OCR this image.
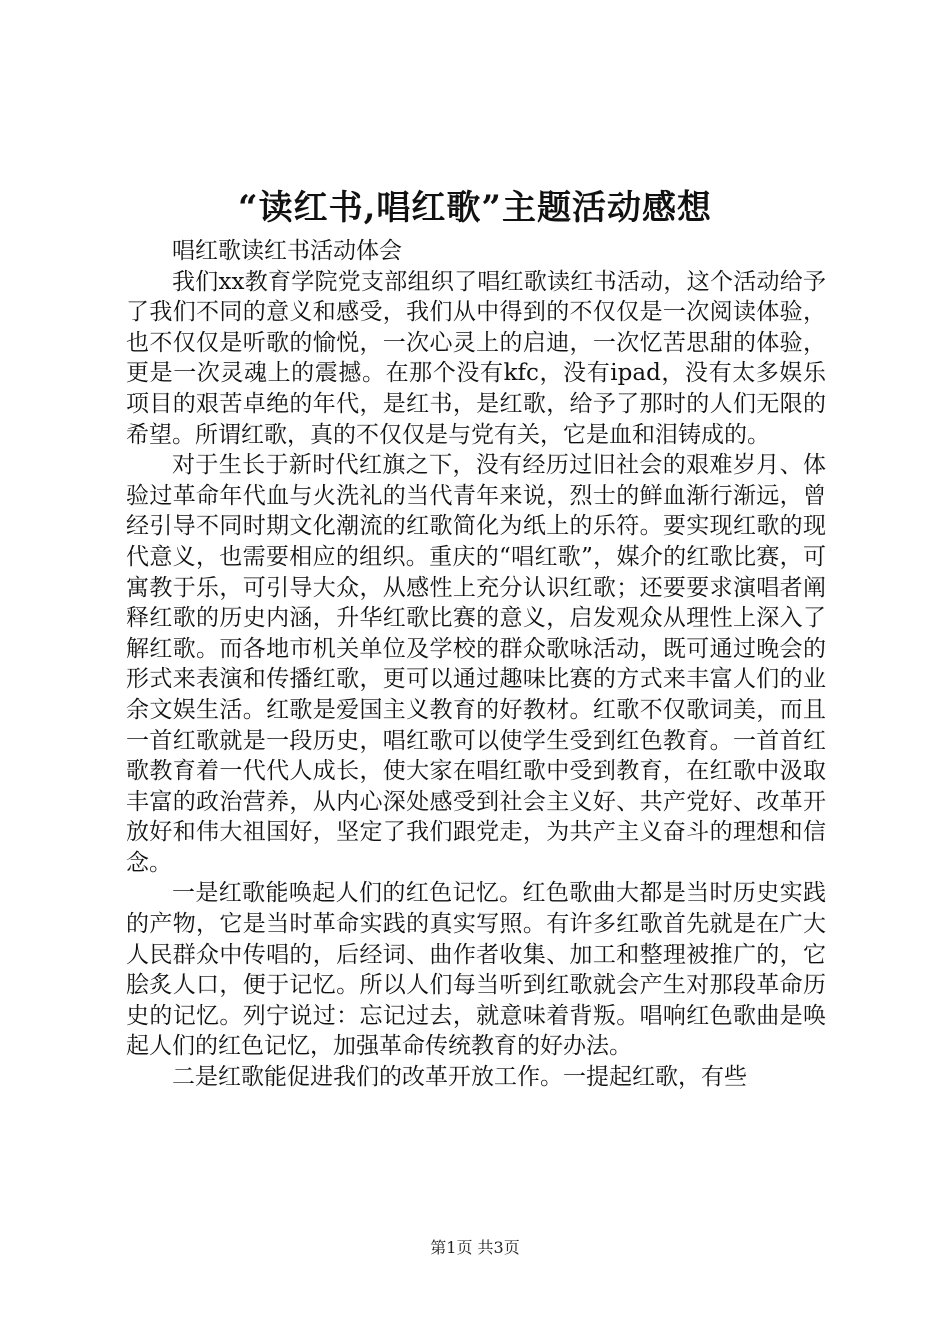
“读红书,唱红歌”主题活动感想

唱红歌读红书活动体会

我们xx教育学院党支部组织了唱红歌读红书活动，这个活动给予了我们不同的意义和感受，我们从中得到的不仅仅是一次阅读体验，也不仅仅是听歌的愉悦，一次心灵上的启迪，一次忆苦思甜的体验，更是一次灵魂上的震撼。在那个没有kfc，没有ipad，没有太多娱乐项目的艰苦卓绝的年代，是红书，是红歌，给予了那时的人们无限的希望。所谓红歌，真的不仅仅是与党有关，它是血和泪铸成的。

对于生长于新时代红旗之下，没有经历过旧社会的艰难岁月、体验过革命年代血与火洗礼的当代青年来说，烈士的鲜血渐行渐远，曾经引导不同时期文化潮流的红歌简化为纸上的乐符。要实现红歌的现代意义，也需要相应的组织。重庆的“唱红歌”，媒介的红歌比赛，可寓教于乐，可引导大众，从感性上充分认识红歌；还要要求演唱者阐释红歌的历史内涵，升华红歌比赛的意义，启发观众从理性上深入了解红歌。而各地市机关单位及学校的群众歌咏活动，既可通过晚会的形式来表演和传播红歌，更可以通过趣味比赛的方式来丰富人们的业余文娱生活。红歌是爱国主义教育的好教材。红歌不仅歌词美，而且一首红歌就是一段历史，唱红歌可以使学生受到红色教育。一首首红歌教育着一代代人成长，使大家在唱红歌中受到教育，在红歌中汲取丰富的政治营养，从内心深处感受到社会主义好、共产党好、改革开放好和伟大祖国好，坚定了我们跟党走，为共产主义奋斗的理想和信念。

一是红歌能唤起人们的红色记忆。红色歌曲大都是当时历史实践的产物，它是当时革命实践的真实写照。有许多红歌首先就是在广大人民群众中传唱的，后经词、曲作者收集、加工和整理被推广的，它脍炙人口，便于记忆。所以人们每当听到红歌就会产生对那段革命历史的记忆。列宁说过：忘记过去，就意味着背叛。唱响红色歌曲是唤起人们的红色记忆，加强革命传统教育的好办法。

二是红歌能促进我们的改革开放工作。一提起红歌，有些

第1页 共3页
